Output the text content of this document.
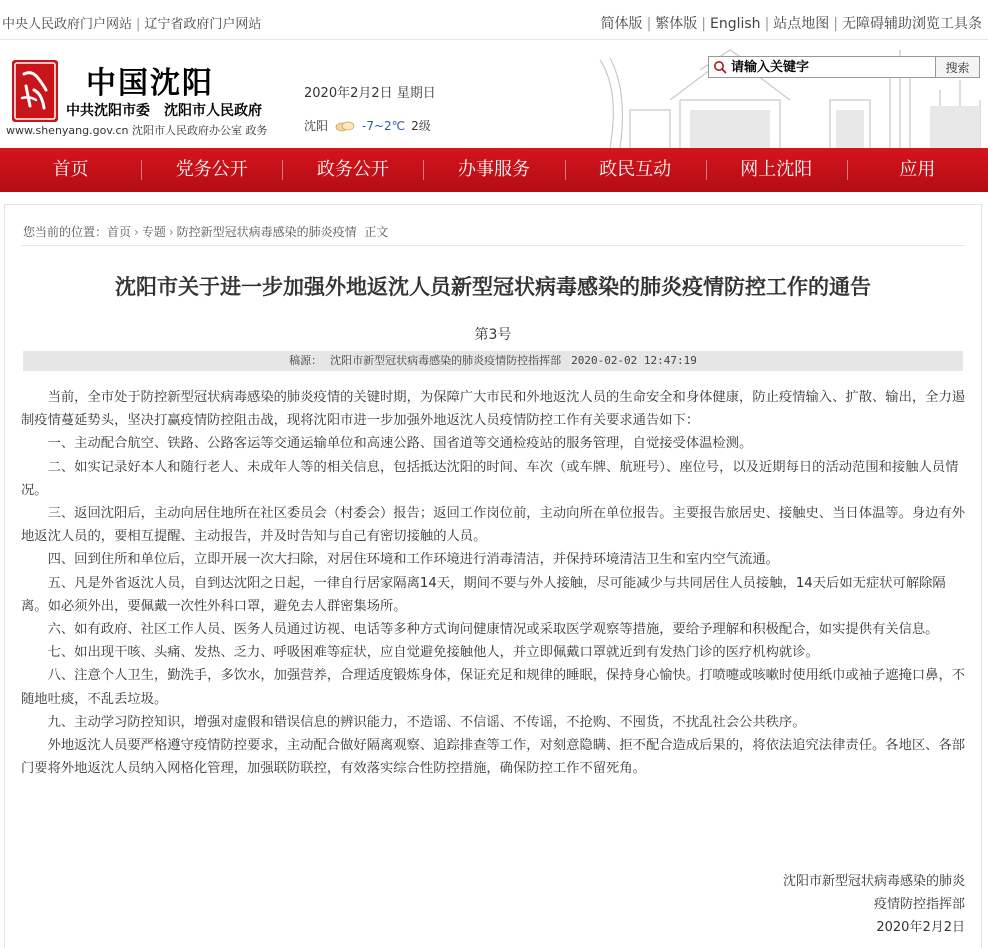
中央人民政府门户网站 | 辽宁省政府门户网站	简体版 | 繁体版 | English | 站点地图 | 无障碍辅助浏览工具条
中国沈阳
中共沈阳市委　沈阳市人民政府
www.shenyang.gov.cn 沈阳市人民政府办公室 政务
2020年2月2日 星期日
沈阳	-7~2℃ 2级
请输入关键字
搜索
首页	党务公开	政务公开	办事服务	政民互动	网上沈阳	应用
您当前的位置：首页 › 专题 › 防控新型冠状病毒感染的肺炎疫情 正文
沈阳市关于进一步加强外地返沈人员新型冠状病毒感染的肺炎疫情防控工作的通告
第3号
稿源： 沈阳市新型冠状病毒感染的肺炎疫情防控指挥部 2020-02-02 12:47:19

当前，全市处于防控新型冠状病毒感染的肺炎疫情的关键时期，为保障广大市民和外地返沈人员的生命安全和身体健康，防止疫情输入、扩散、输出，全力遏制疫情蔓延势头，坚决打赢疫情防控阻击战，现将沈阳市进一步加强外地返沈人员疫情防控工作有关要求通告如下：

一、主动配合航空、铁路、公路客运等交通运输单位和高速公路、国省道等交通检疫站的服务管理，自觉接受体温检测。

二、如实记录好本人和随行老人、未成年人等的相关信息，包括抵达沈阳的时间、车次（或车牌、航班号）、座位号，以及近期每日的活动范围和接触人员情况。

三、返回沈阳后，主动向居住地所在社区委员会（村委会）报告；返回工作岗位前，主动向所在单位报告。主要报告旅居史、接触史、当日体温等。身边有外地返沈人员的，要相互提醒、主动报告，并及时告知与自己有密切接触的人员。

四、回到住所和单位后，立即开展一次大扫除，对居住环境和工作环境进行消毒清洁，并保持环境清洁卫生和室内空气流通。

五、凡是外省返沈人员，自到达沈阳之日起，一律自行居家隔离14天，期间不要与外人接触，尽可能减少与共同居住人员接触，14天后如无症状可解除隔离。如必须外出，要佩戴一次性外科口罩，避免去人群密集场所。

六、如有政府、社区工作人员、医务人员通过访视、电话等多种方式询问健康情况或采取医学观察等措施，要给予理解和积极配合，如实提供有关信息。

七、如出现干咳、头痛、发热、乏力、呼吸困难等症状，应自觉避免接触他人，并立即佩戴口罩就近到有发热门诊的医疗机构就诊。

八、注意个人卫生，勤洗手，多饮水，加强营养，合理适度锻炼身体，保证充足和规律的睡眠，保持身心愉快。打喷嚏或咳嗽时使用纸巾或袖子遮掩口鼻，不随地吐痰，不乱丢垃圾。

九、主动学习防控知识，增强对虚假和错误信息的辨识能力，不造谣、不信谣、不传谣，不抢购、不囤货，不扰乱社会公共秩序。

外地返沈人员要严格遵守疫情防控要求，主动配合做好隔离观察、追踪排查等工作，对刻意隐瞒、拒不配合造成后果的，将依法追究法律责任。各地区、各部门要将外地返沈人员纳入网格化管理，加强联防联控，有效落实综合性防控措施，确保防控工作不留死角。

沈阳市新型冠状病毒感染的肺炎
疫情防控指挥部
2020年2月2日
